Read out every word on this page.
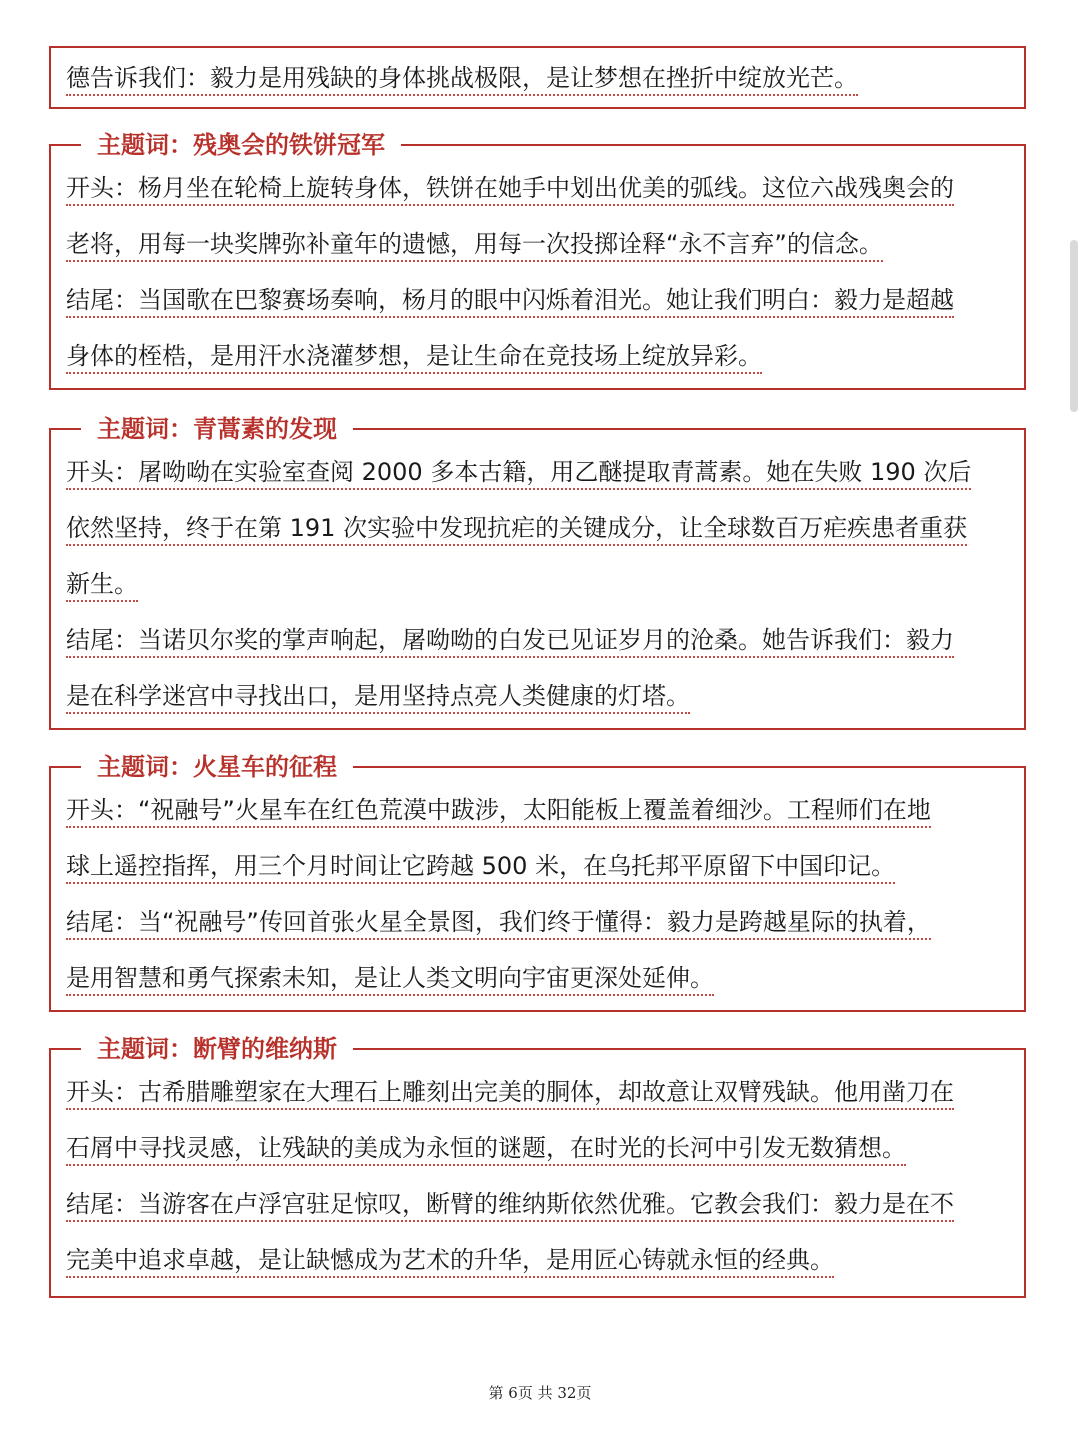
德告诉我们：毅力是用残缺的身体挑战极限，是让梦想在挫折中绽放光芒。
主题词：残奥会的铁饼冠军
开头：杨月坐在轮椅上旋转身体，铁饼在她手中划出优美的弧线。这位六战残奥会的
老将，用每一块奖牌弥补童年的遗憾，用每一次投掷诠释“永不言弃”的信念。
结尾：当国歌在巴黎赛场奏响，杨月的眼中闪烁着泪光。她让我们明白：毅力是超越
身体的桎梏，是用汗水浇灌梦想，是让生命在竞技场上绽放异彩。
主题词：青蒿素的发现
开头：屠呦呦在实验室查阅 2000 多本古籍，用乙醚提取青蒿素。她在失败 190 次后
依然坚持，终于在第 191 次实验中发现抗疟的关键成分，让全球数百万疟疾患者重获
新生。
结尾：当诺贝尔奖的掌声响起，屠呦呦的白发已见证岁月的沧桑。她告诉我们：毅力
是在科学迷宫中寻找出口，是用坚持点亮人类健康的灯塔。
主题词：火星车的征程
开头：“祝融号”火星车在红色荒漠中跋涉，太阳能板上覆盖着细沙。工程师们在地
球上遥控指挥，用三个月时间让它跨越 500 米，在乌托邦平原留下中国印记。
结尾：当“祝融号”传回首张火星全景图，我们终于懂得：毅力是跨越星际的执着，
是用智慧和勇气探索未知，是让人类文明向宇宙更深处延伸。
主题词：断臂的维纳斯
开头：古希腊雕塑家在大理石上雕刻出完美的胴体，却故意让双臂残缺。他用凿刀在
石屑中寻找灵感，让残缺的美成为永恒的谜题，在时光的长河中引发无数猜想。
结尾：当游客在卢浮宫驻足惊叹，断臂的维纳斯依然优雅。它教会我们：毅力是在不
完美中追求卓越，是让缺憾成为艺术的升华，是用匠心铸就永恒的经典。
第 6页 共 32页
